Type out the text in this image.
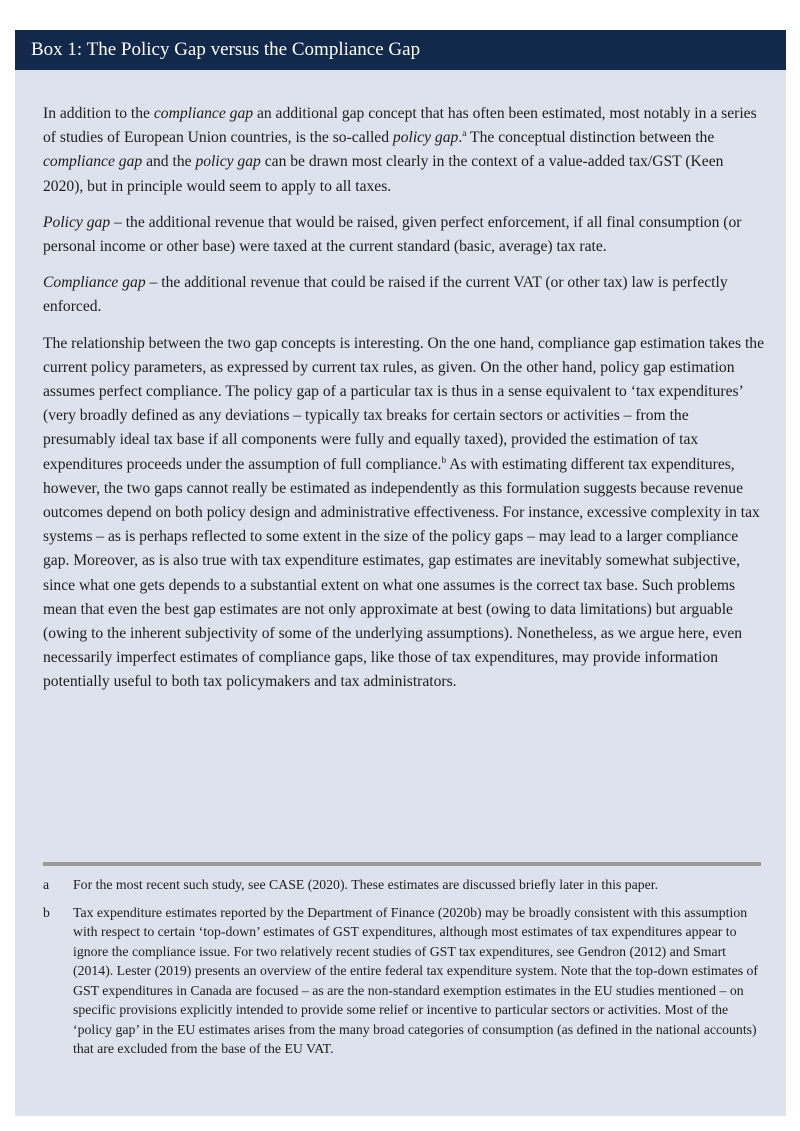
Box 1: The Policy Gap versus the Compliance Gap

In addition to the compliance gap an additional gap concept that has often been estimated, most notably in a series of studies of European Union countries, is the so-called policy gap.$^a$ The conceptual distinction between the compliance gap and the policy gap can be drawn most clearly in the context of a value-added tax/GST (Keen 2020), but in principle would seem to apply to all taxes.

Policy gap – the additional revenue that would be raised, given perfect enforcement, if all final consumption (or personal income or other base) were taxed at the current standard (basic, average) tax rate.

Compliance gap – the additional revenue that could be raised if the current VAT (or other tax) law is perfectly enforced.

The relationship between the two gap concepts is interesting. On the one hand, compliance gap estimation takes the current policy parameters, as expressed by current tax rules, as given. On the other hand, policy gap estimation assumes perfect compliance. The policy gap of a particular tax is thus in a sense equivalent to ‘tax expenditures’ (very broadly defined as any deviations – typically tax breaks for certain sectors or activities – from the presumably ideal tax base if all components were fully and equally taxed), provided the estimation of tax expenditures proceeds under the assumption of full compliance.$^b$ As with estimating different tax expenditures, however, the two gaps cannot really be estimated as independently as this formulation suggests because revenue outcomes depend on both policy design and administrative effectiveness. For instance, excessive complexity in tax systems – as is perhaps reflected to some extent in the size of the policy gaps – may lead to a larger compliance gap. Moreover, as is also true with tax expenditure estimates, gap estimates are inevitably somewhat subjective, since what one gets depends to a substantial extent on what one assumes is the correct tax base. Such problems mean that even the best gap estimates are not only approximate at best (owing to data limitations) but arguable (owing to the inherent subjectivity of some of the underlying assumptions). Nonetheless, as we argue here, even necessarily imperfect estimates of compliance gaps, like those of tax expenditures, may provide information potentially useful to both tax policymakers and tax administrators.

a	For the most recent such study, see CASE (2020). These estimates are discussed briefly later in this paper.
b	Tax expenditure estimates reported by the Department of Finance (2020b) may be broadly consistent with this assumption with respect to certain ‘top-down’ estimates of GST expenditures, although most estimates of tax expenditures appear to ignore the compliance issue. For two relatively recent studies of GST tax expenditures, see Gendron (2012) and Smart (2014). Lester (2019) presents an overview of the entire federal tax expenditure system. Note that the top-down estimates of GST expenditures in Canada are focused – as are the non-standard exemption estimates in the EU studies mentioned – on specific provisions explicitly intended to provide some relief or incentive to particular sectors or activities. Most of the ‘policy gap’ in the EU estimates arises from the many broad categories of consumption (as defined in the national accounts) that are excluded from the base of the EU VAT.
